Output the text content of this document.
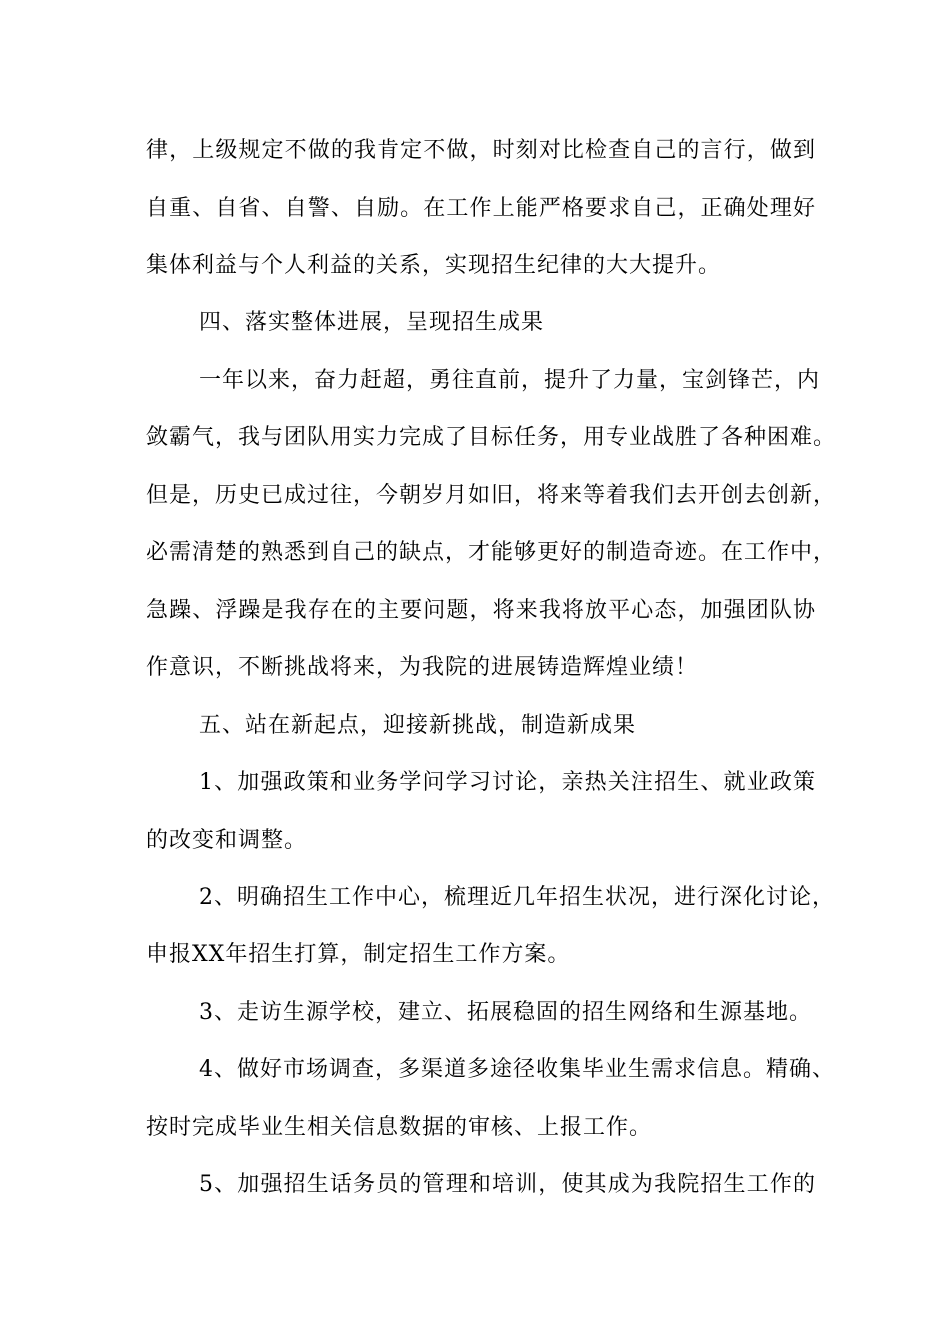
律，上级规定不做的我肯定不做，时刻对比检查自己的言行，做到
自重、自省、自警、自励。在工作上能严格要求自己，正确处理好
集体利益与个人利益的关系，实现招生纪律的大大提升。
四、落实整体进展，呈现招生成果
一年以来，奋力赶超，勇往直前，提升了力量，宝剑锋芒，内
敛霸气，我与团队用实力完成了目标任务，用专业战胜了各种困难。
但是，历史已成过往，今朝岁月如旧，将来等着我们去开创去创新，
必需清楚的熟悉到自己的缺点，才能够更好的制造奇迹。在工作中，
急躁、浮躁是我存在的主要问题，将来我将放平心态，加强团队协
作意识，不断挑战将来，为我院的进展铸造辉煌业绩！
五、站在新起点，迎接新挑战，制造新成果
1、加强政策和业务学问学习讨论，亲热关注招生、就业政策
的改变和调整。
2、明确招生工作中心，梳理近几年招生状况，进行深化讨论，
申报XX年招生打算，制定招生工作方案。
3、走访生源学校，建立、拓展稳固的招生网络和生源基地。
4、做好市场调查，多渠道多途径收集毕业生需求信息。精确、
按时完成毕业生相关信息数据的审核、上报工作。
5、加强招生话务员的管理和培训，使其成为我院招生工作的
